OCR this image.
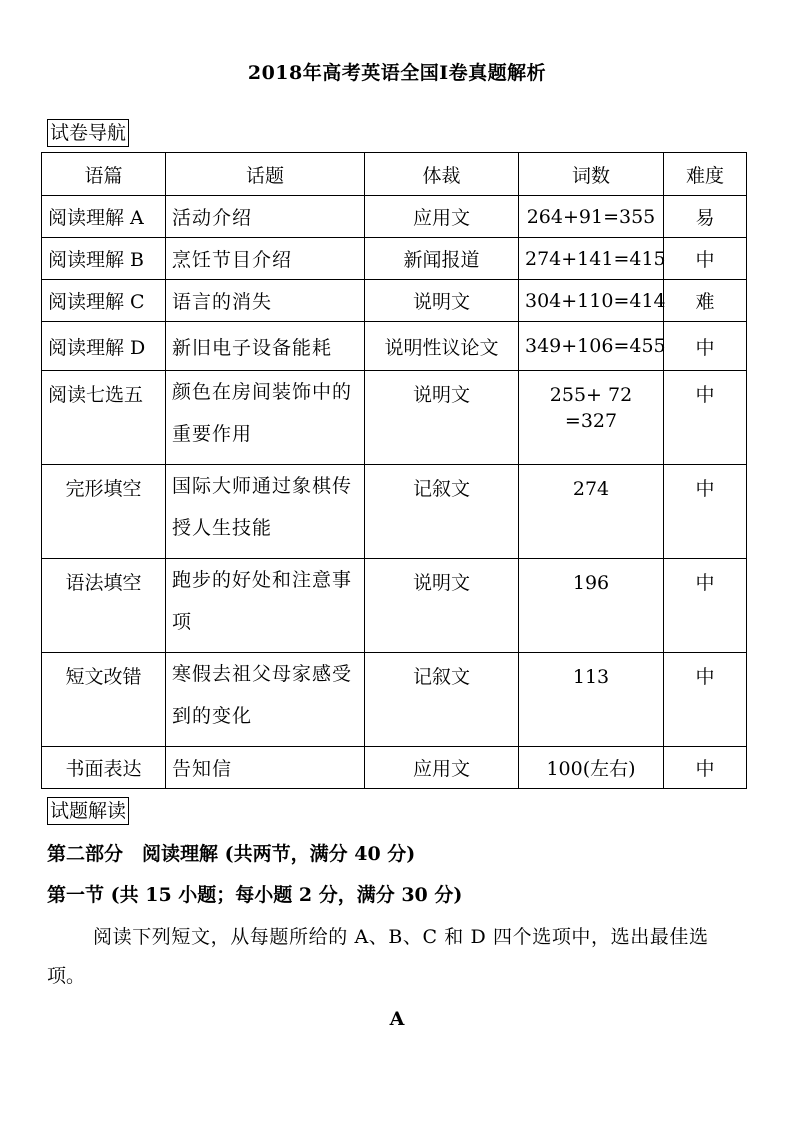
2018年高考英语全国I卷真题解析
试卷导航
语篇	话题	体裁	词数	难度
阅读理解 A	活动介绍	应用文	264+91=355	易
阅读理解 B	烹饪节目介绍	新闻报道	274+141=415	中
阅读理解 C	语言的消失	说明文	304+110=414	难
阅读理解 D	新旧电子设备能耗	说明性议论文	349+106=455	中
阅读七选五	颜色在房间装饰中的重要作用	说明文	255+ 72 =327	中
完形填空	国际大师通过象棋传授人生技能	记叙文	274	中
语法填空	跑步的好处和注意事项	说明文	196	中
短文改错	寒假去祖父母家感受到的变化	记叙文	113	中
书面表达	告知信	应用文	100(左右)	中
试题解读
第二部分　阅读理解 (共两节，满分 40 分)
第一节 (共 15 小题；每小题 2 分，满分 30 分)
阅读下列短文，从每题所给的 A、B、C 和 D 四个选项中，选出最佳选
项。
A
